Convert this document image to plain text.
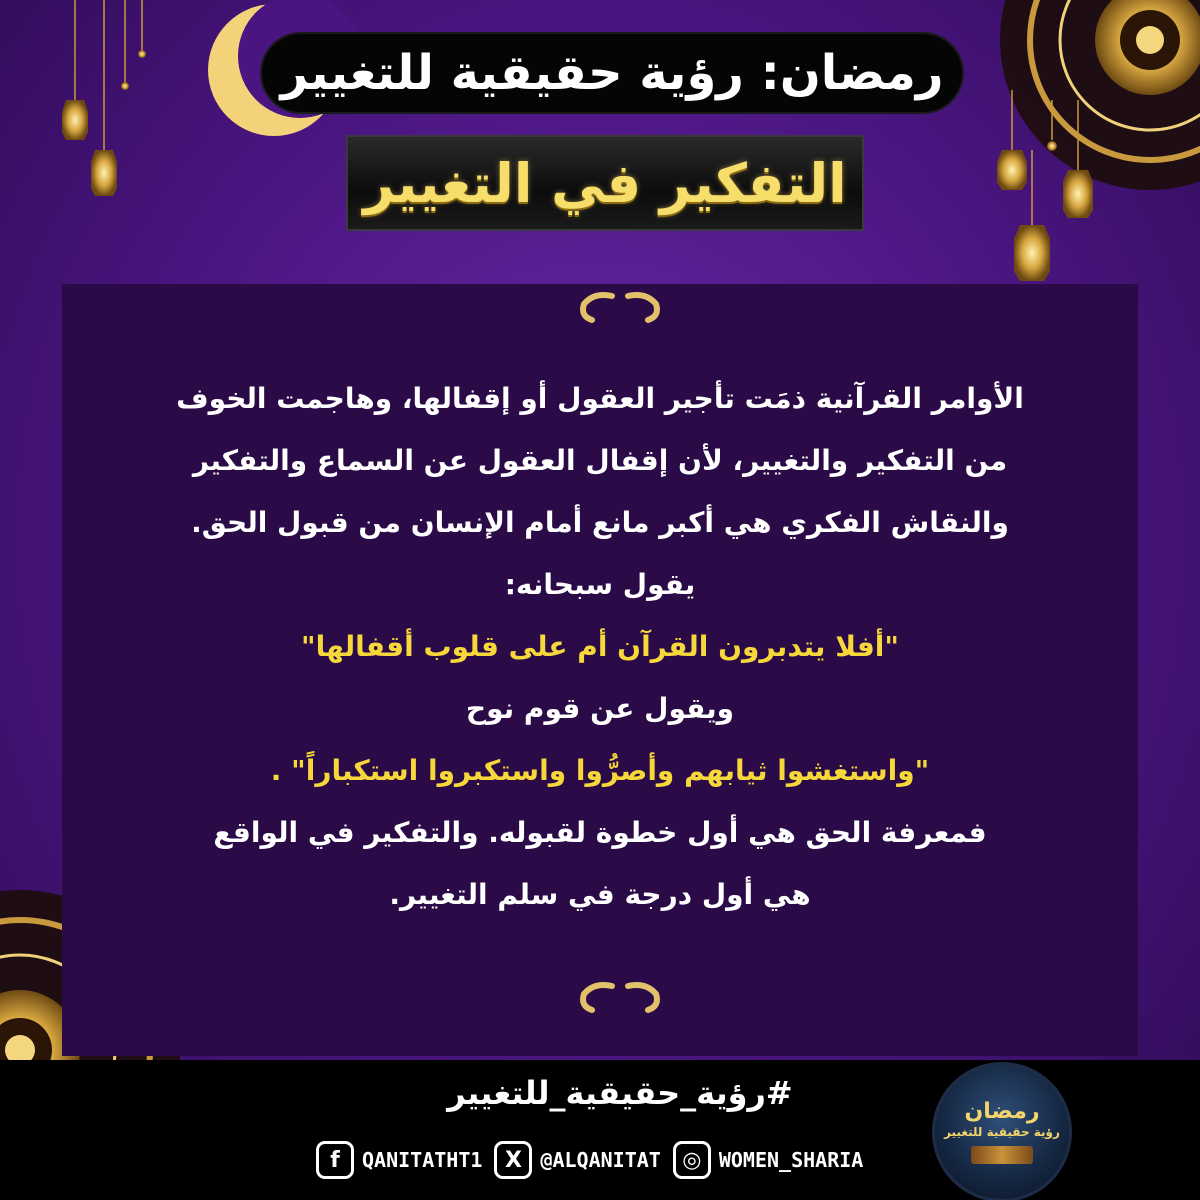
رمضان: رؤية حقيقية للتغيير
التفكير في التغيير
الأوامر القرآنية ذمَت تأجير العقول أو إقفالها، وهاجمت الخوف
من التفكير والتغيير، لأن إقفال العقول عن السماع والتفكير
والنقاش الفكري هي أكبر مانع أمام الإنسان من قبول الحق.
يقول سبحانه:
"أفلا يتدبرون القرآن أم على قلوب أقفالها"
ويقول عن قوم نوح
"واستغشوا ثيابهم وأصرُّوا واستكبروا استكباراً" .
فمعرفة الحق هي أول خطوة لقبوله. والتفكير في الواقع
هي أول درجة في سلم التغيير.
#رؤية_حقيقية_للتغيير
f	QANITATHT1	X @ALQANITAT ◎ WOMEN_SHARIA
رمضان
رؤية حقيقية للتغيير
